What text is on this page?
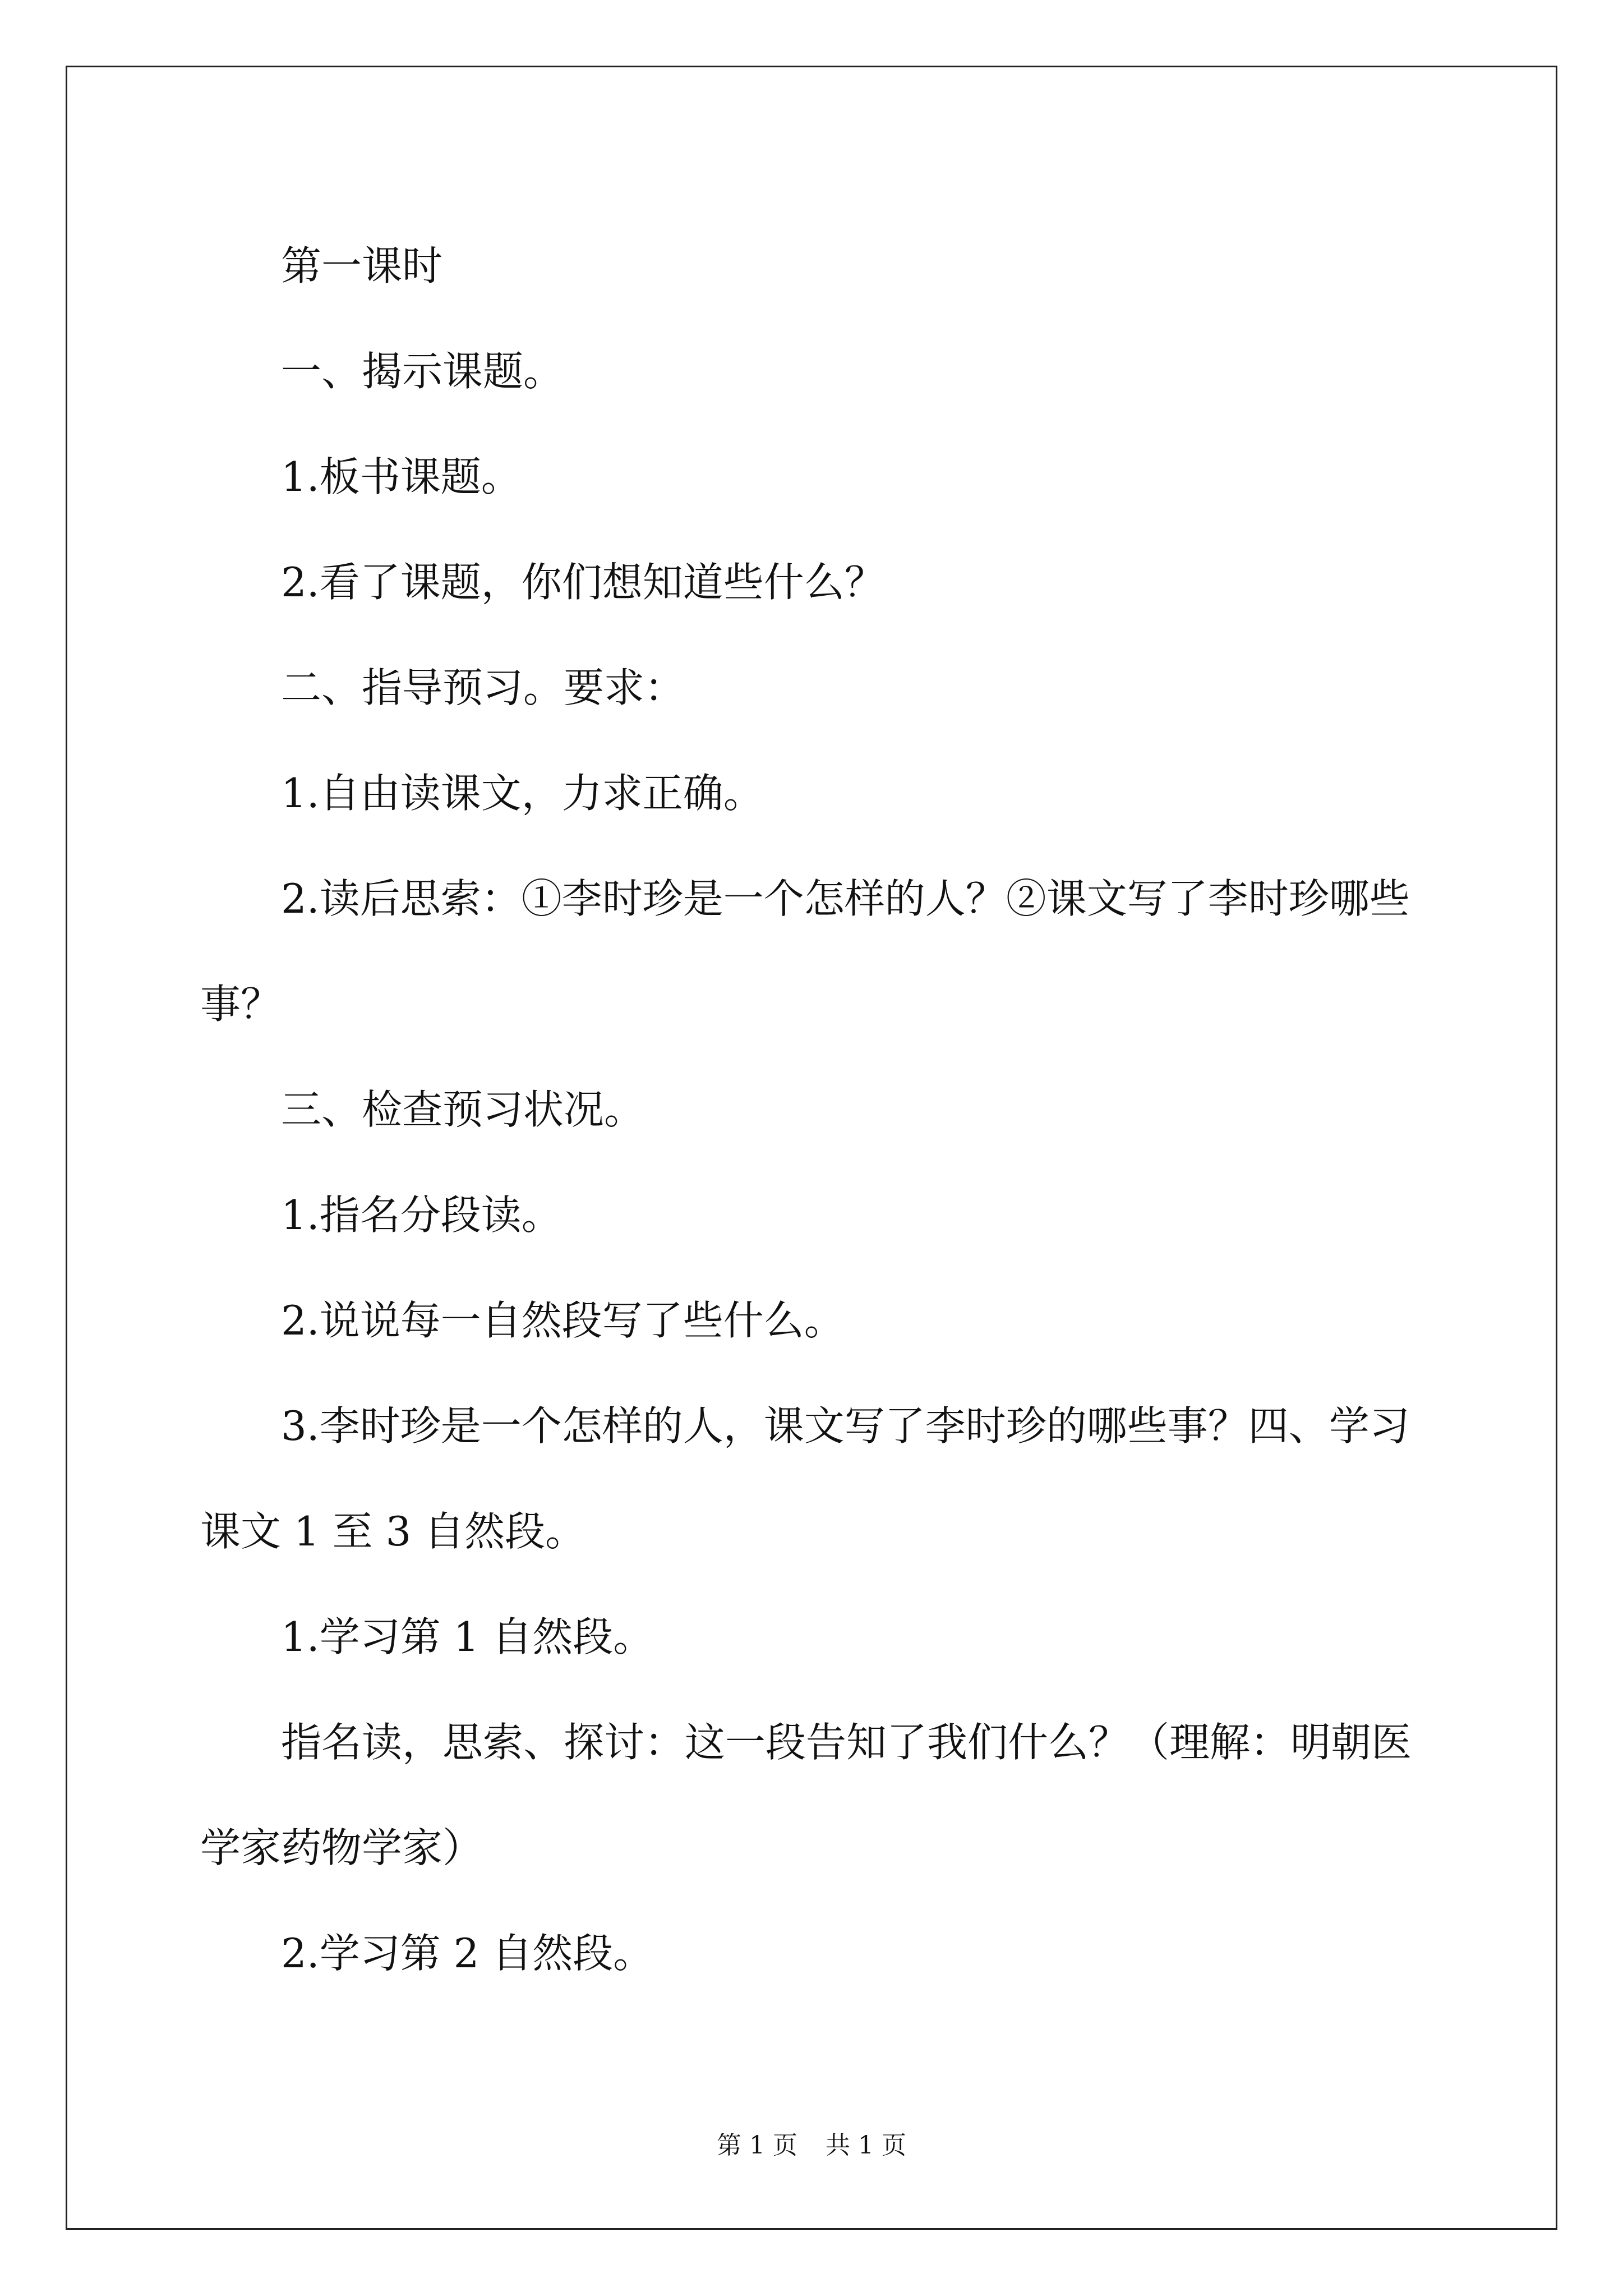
第一课时

一、揭示课题。

1.板书课题。

2.看了课题，你们想知道些什么？

二、指导预习。要求：

1.自由读课文，力求正确。

2.读后思索：①李时珍是一个怎样的人？②课文写了李时珍哪些事？

三、检查预习状况。

1.指名分段读。

2.说说每一自然段写了些什么。

3.李时珍是一个怎样的人，课文写了李时珍的哪些事？四、学习课文 1 至 3 自然段。

1.学习第 1 自然段。

指名读，思索、探讨：这一段告知了我们什么？（理解：明朝医学家药物学家）

2.学习第 2 自然段。

第 1 页 共 1 页
